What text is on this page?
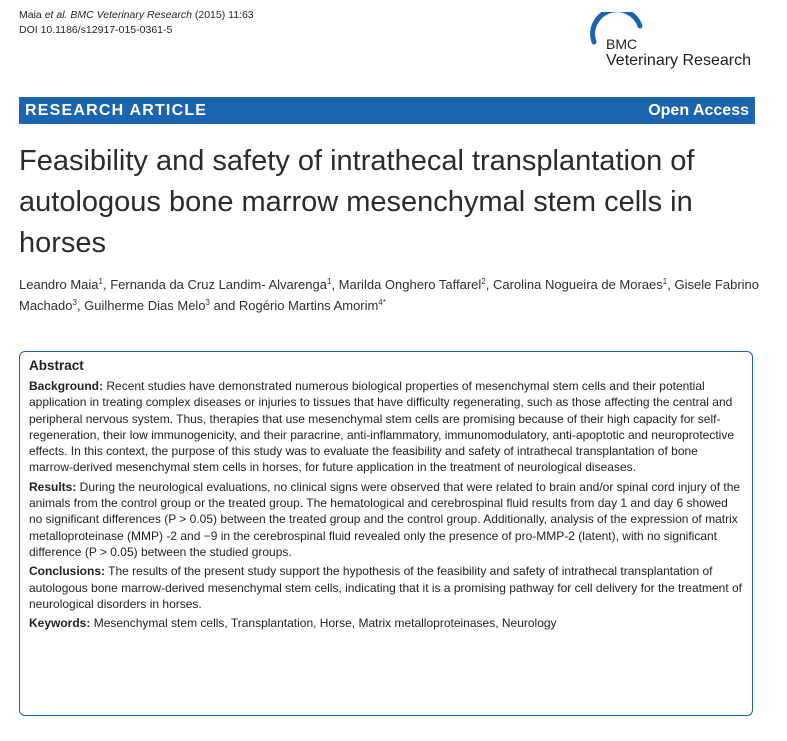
Maia et al. BMC Veterinary Research (2015) 11:63
DOI 10.1186/s12917-015-0361-5
BMC
Veterinary Research
RESEARCH ARTICLE	Open Access
Feasibility and safety of intrathecal transplantation of autologous bone marrow mesenchymal stem cells in horses
Leandro Maia$^1$, Fernanda da Cruz Landim- Alvarenga$^1$, Marilda Onghero Taffarel$^2$, Carolina Nogueira de Moraes$^1$, Gisele Fabrino Machado$^3$, Guilherme Dias Melo$^3$ and Rogério Martins Amorim$^{4*}$
Abstract

Background: Recent studies have demonstrated numerous biological properties of mesenchymal stem cells and their potential application in treating complex diseases or injuries to tissues that have difficulty regenerating, such as those affecting the central and peripheral nervous system. Thus, therapies that use mesenchymal stem cells are promising because of their high capacity for self-regeneration, their low immunogenicity, and their paracrine, anti-inflammatory, immunomodulatory, anti-apoptotic and neuroprotective effects. In this context, the purpose of this study was to evaluate the feasibility and safety of intrathecal transplantation of bone marrow-derived mesenchymal stem cells in horses, for future application in the treatment of neurological diseases.

Results: During the neurological evaluations, no clinical signs were observed that were related to brain and/or spinal cord injury of the animals from the control group or the treated group. The hematological and cerebrospinal fluid results from day 1 and day 6 showed no significant differences (P > 0.05) between the treated group and the control group. Additionally, analysis of the expression of matrix metalloproteinase (MMP) -2 and −9 in the cerebrospinal fluid revealed only the presence of pro-MMP-2 (latent), with no significant difference (P > 0.05) between the studied groups.

Conclusions: The results of the present study support the hypothesis of the feasibility and safety of intrathecal transplantation of autologous bone marrow-derived mesenchymal stem cells, indicating that it is a promising pathway for cell delivery for the treatment of neurological disorders in horses.

Keywords: Mesenchymal stem cells, Transplantation, Horse, Matrix metalloproteinases, Neurology
